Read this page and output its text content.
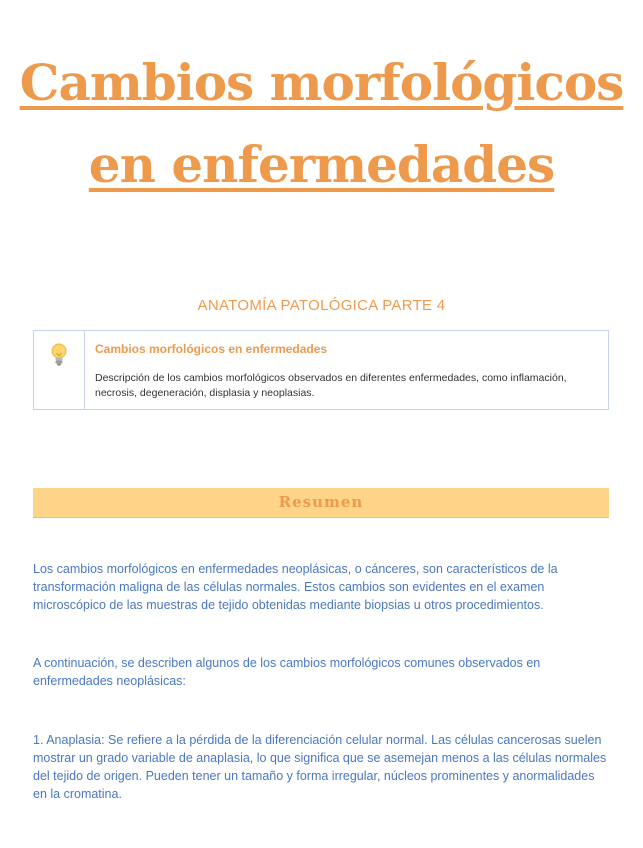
Cambios morfológicos en enfermedades
ANATOMÍA PATOLÓGICA PARTE 4
Cambios morfológicos en enfermedades
Descripción de los cambios morfológicos observados en diferentes enfermedades, como inflamación, necrosis, degeneración, displasia y neoplasias.
Resumen

Los cambios morfológicos en enfermedades neoplásicas, o cánceres, son característicos de la transformación maligna de las células normales. Estos cambios son evidentes en el examen microscópico de las muestras de tejido obtenidas mediante biopsias u otros procedimientos.

A continuación, se describen algunos de los cambios morfológicos comunes observados en enfermedades neoplásicas:

1. Anaplasia: Se refiere a la pérdida de la diferenciación celular normal. Las células cancerosas suelen mostrar un grado variable de anaplasia, lo que significa que se asemejan menos a las células normales del tejido de origen. Pueden tener un tamaño y forma irregular, núcleos prominentes y anormalidades en la cromatina.
